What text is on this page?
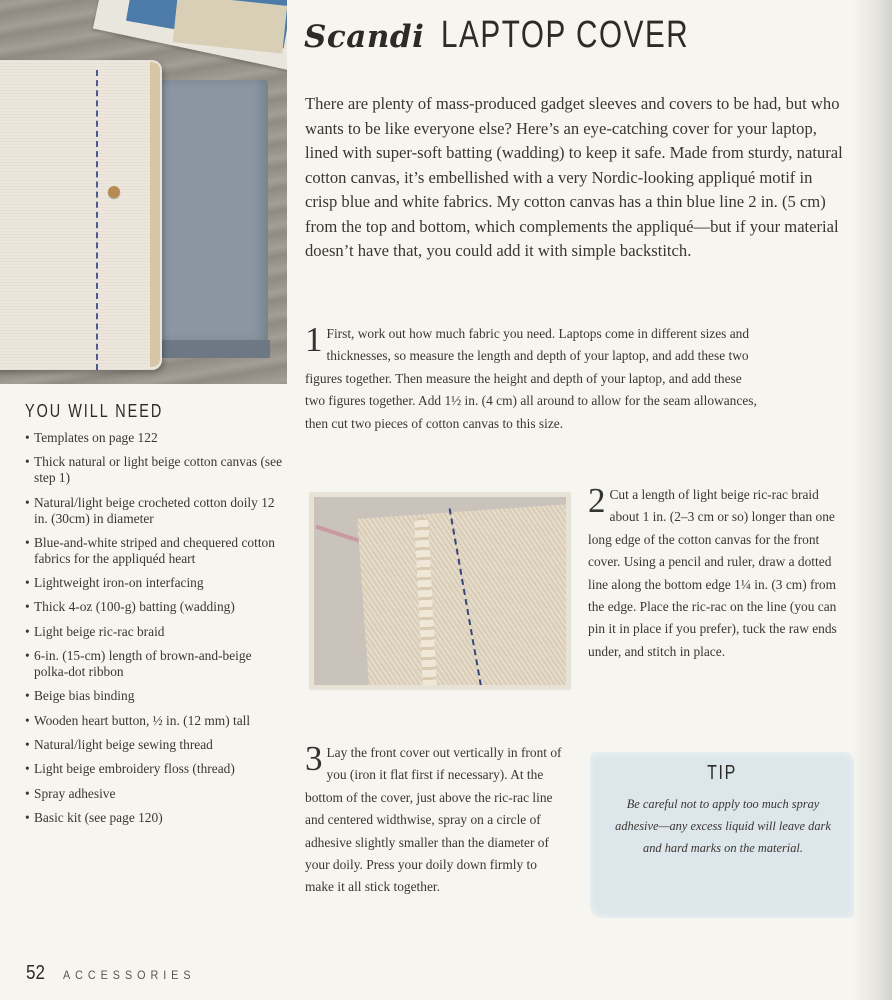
Scandi LAPTOP COVER

There are plenty of mass-produced gadget sleeves and covers to be had, but who wants to be like everyone else? Here’s an eye-catching cover for your laptop, lined with super-soft batting (wadding) to keep it safe. Made from sturdy, natural cotton canvas, it’s embellished with a very Nordic-looking appliqué motif in crisp blue and white fabrics. My cotton canvas has a thin blue line 2 in. (5 cm) from the top and bottom, which complements the appliqué—but if your material doesn’t have that, you could add it with simple backstitch.

1 First, work out how much fabric you need. Laptops come in different sizes and thicknesses, so measure the length and depth of your laptop, and add these two figures together. Then measure the height and depth of your laptop, and add these two figures together. Add 1½ in. (4 cm) all around to allow for the seam allowances, then cut two pieces of cotton canvas to this size.
2 Cut a length of light beige ric-rac braid about 1 in. (2–3 cm or so) longer than one long edge of the cotton canvas for the front cover. Using a pencil and ruler, draw a dotted line along the bottom edge 1¼ in. (3 cm) from the edge. Place the ric-rac on the line (you can pin it in place if you prefer), tuck the raw ends under, and stitch in place.
3 Lay the front cover out vertically in front of you (iron it flat first if necessary). At the bottom of the cover, just above the ric-rac line and centered widthwise, spray on a circle of adhesive slightly smaller than the diameter of your doily. Press your doily down firmly to make it all stick together.
YOU WILL NEED
• Templates on page 122
• Thick natural or light beige cotton canvas (see step 1)
• Natural/light beige crocheted cotton doily 12 in. (30cm) in diameter
• Blue-and-white striped and chequered cotton fabrics for the appliquéd heart
• Lightweight iron-on interfacing
• Thick 4-oz (100-g) batting (wadding)
• Light beige ric-rac braid
• 6-in. (15-cm) length of brown-and-beige polka-dot ribbon
• Beige bias binding
• Wooden heart button, ½ in. (12 mm) tall
• Natural/light beige sewing thread
• Light beige embroidery floss (thread)
• Spray adhesive
• Basic kit (see page 120)
TIP

Be careful not to apply too much spray adhesive—any excess liquid will leave dark and hard marks on the material.

52 ACCESSORIES
